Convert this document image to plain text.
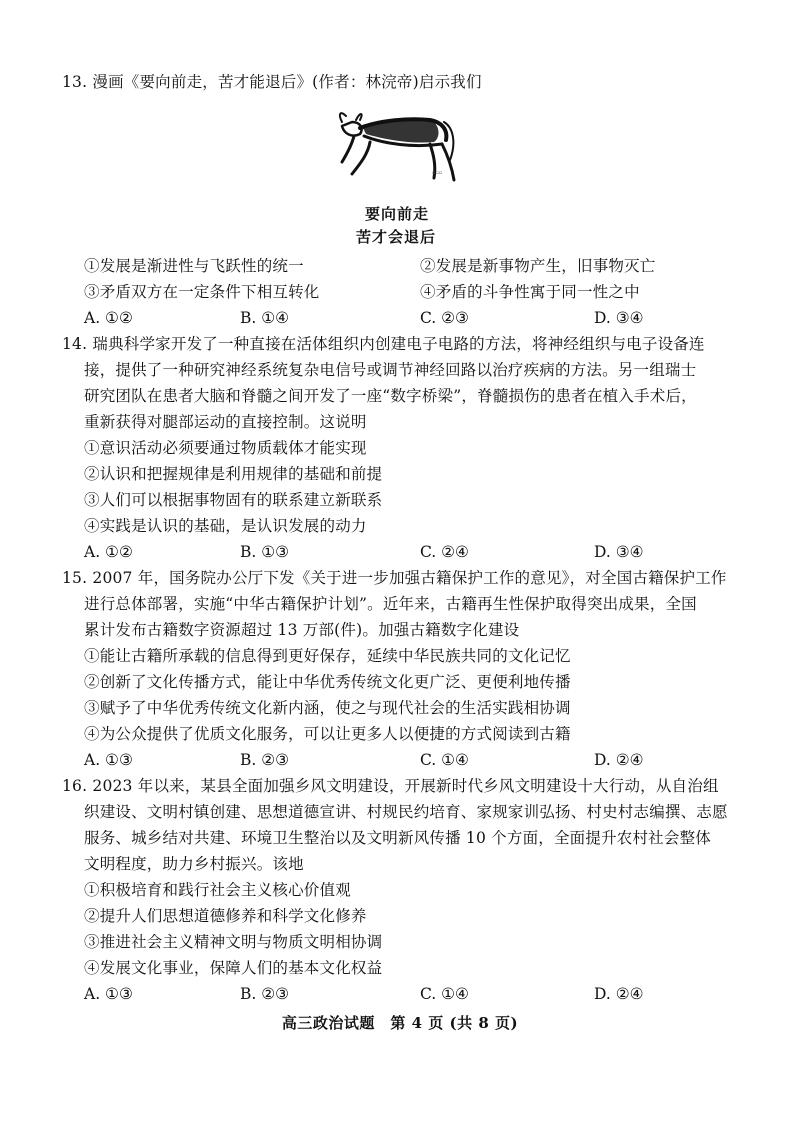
13. 漫画《要向前走，苦才能退后》(作者：林浣帝)启示我们
▫▫▫
要向前走
苦才会退后
①发展是渐进性与飞跃性的统一	②发展是新事物产生，旧事物灭亡
③矛盾双方在一定条件下相互转化	④矛盾的斗争性寓于同一性之中
A. ①②	B. ①④	C. ②③	D. ③④
14. 瑞典科学家开发了一种直接在活体组织内创建电子电路的方法，将神经组织与电子设备连
接，提供了一种研究神经系统复杂电信号或调节神经回路以治疗疾病的方法。另一组瑞士
研究团队在患者大脑和脊髓之间开发了一座“数字桥梁”，脊髓损伤的患者在植入手术后，
重新获得对腿部运动的直接控制。这说明
①意识活动必须要通过物质载体才能实现
②认识和把握规律是利用规律的基础和前提
③人们可以根据事物固有的联系建立新联系
④实践是认识的基础，是认识发展的动力
A. ①②	B. ①③	C. ②④	D. ③④
15. 2007 年，国务院办公厅下发《关于进一步加强古籍保护工作的意见》，对全国古籍保护工作
进行总体部署，实施“中华古籍保护计划”。近年来，古籍再生性保护取得突出成果，全国
累计发布古籍数字资源超过 13 万部(件)。加强古籍数字化建设
①能让古籍所承载的信息得到更好保存，延续中华民族共同的文化记忆
②创新了文化传播方式，能让中华优秀传统文化更广泛、更便利地传播
③赋予了中华优秀传统文化新内涵，使之与现代社会的生活实践相协调
④为公众提供了优质文化服务，可以让更多人以便捷的方式阅读到古籍
A. ①③	B. ②③	C. ①④	D. ②④
16. 2023 年以来，某县全面加强乡风文明建设，开展新时代乡风文明建设十大行动，从自治组
织建设、文明村镇创建、思想道德宣讲、村规民约培育、家规家训弘扬、村史村志编撰、志愿
服务、城乡结对共建、环境卫生整治以及文明新风传播 10 个方面，全面提升农村社会整体
文明程度，助力乡村振兴。该地
①积极培育和践行社会主义核心价值观
②提升人们思想道德修养和科学文化修养
③推进社会主义精神文明与物质文明相协调
④发展文化事业，保障人们的基本文化权益
A. ①③	B. ②③	C. ①④	D. ②④
高三政治试题　第 4 页 (共 8 页)
